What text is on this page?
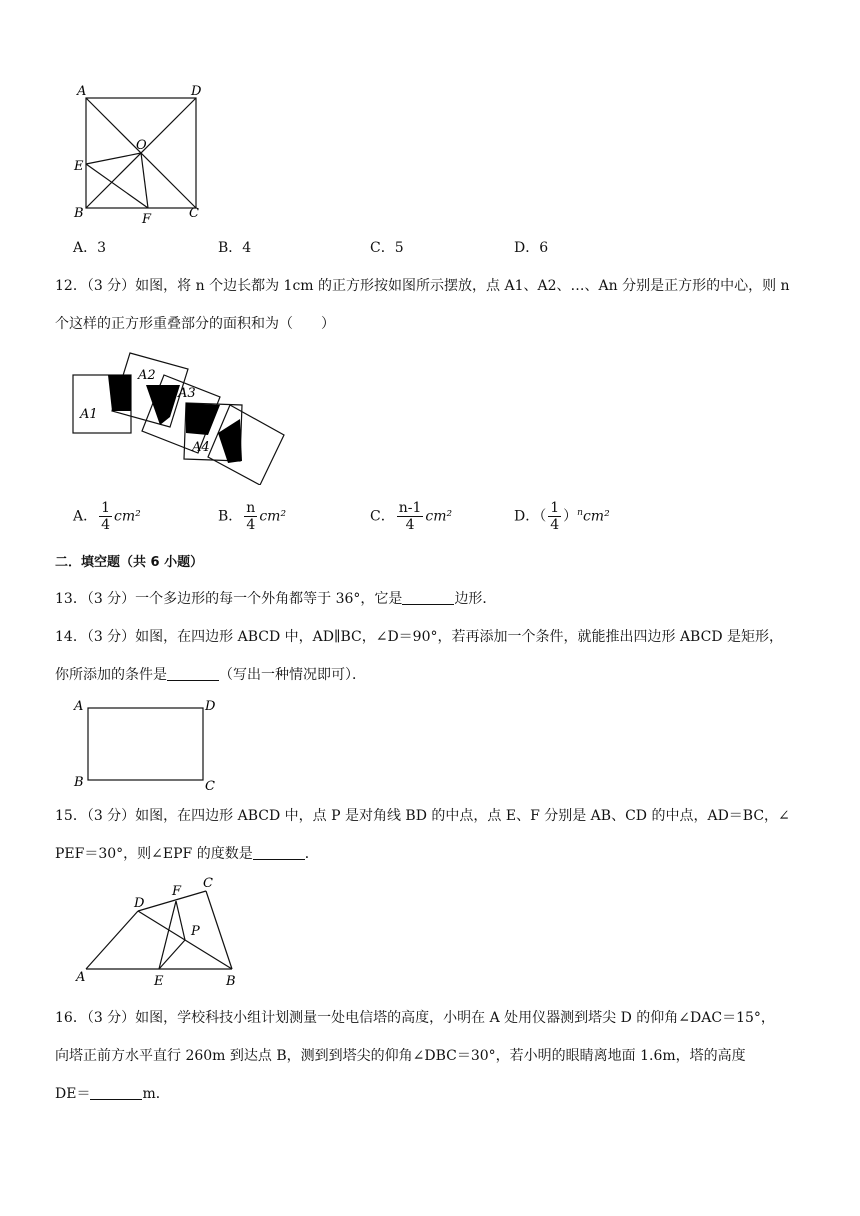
A	D
O
E
B	F	C
A．3	B．4	C．5	D．6
12．（3 分）如图，将 n 个边长都为 1cm 的正方形按如图所示摆放，点 A1、A2、…、An 分别是正方形的中心，则 n
个这样的正方形重叠部分的面积和为（　　）
A1
A2
A3
A4
A． $\frac{1}{4} cm^2$	B． $\frac{n}{4} cm^2$	C． $\frac{n-1}{4} cm^2$	D．（ $\frac{1}{4} )^ncm^2$
二．填空题（共 6 小题）
13．（3 分）一个多边形的每一个外角都等于 36°，它是	边形．
14．（3 分）如图，在四边形 ABCD 中，AD∥BC，∠D＝90°，若再添加一个条件，就能推出四边形 ABCD 是矩形，
你所添加的条件是	（写出一种情况即可）．
A	D
B	C
15．（3 分）如图，在四边形 ABCD 中，点 P 是对角线 BD 的中点，点 E、F 分别是 AB、CD 的中点，AD＝BC，∠
PEF＝30°，则∠EPF 的度数是	．
D
F
C
P
A	E	B
16．（3 分）如图，学校科技小组计划测量一处电信塔的高度，小明在 A 处用仪器测到塔尖 D 的仰角∠DAC＝15°，
向塔正前方水平直行 260m 到达点 B，测到到塔尖的仰角∠DBC＝30°，若小明的眼睛离地面 1.6m，塔的高度
DE＝	m．
